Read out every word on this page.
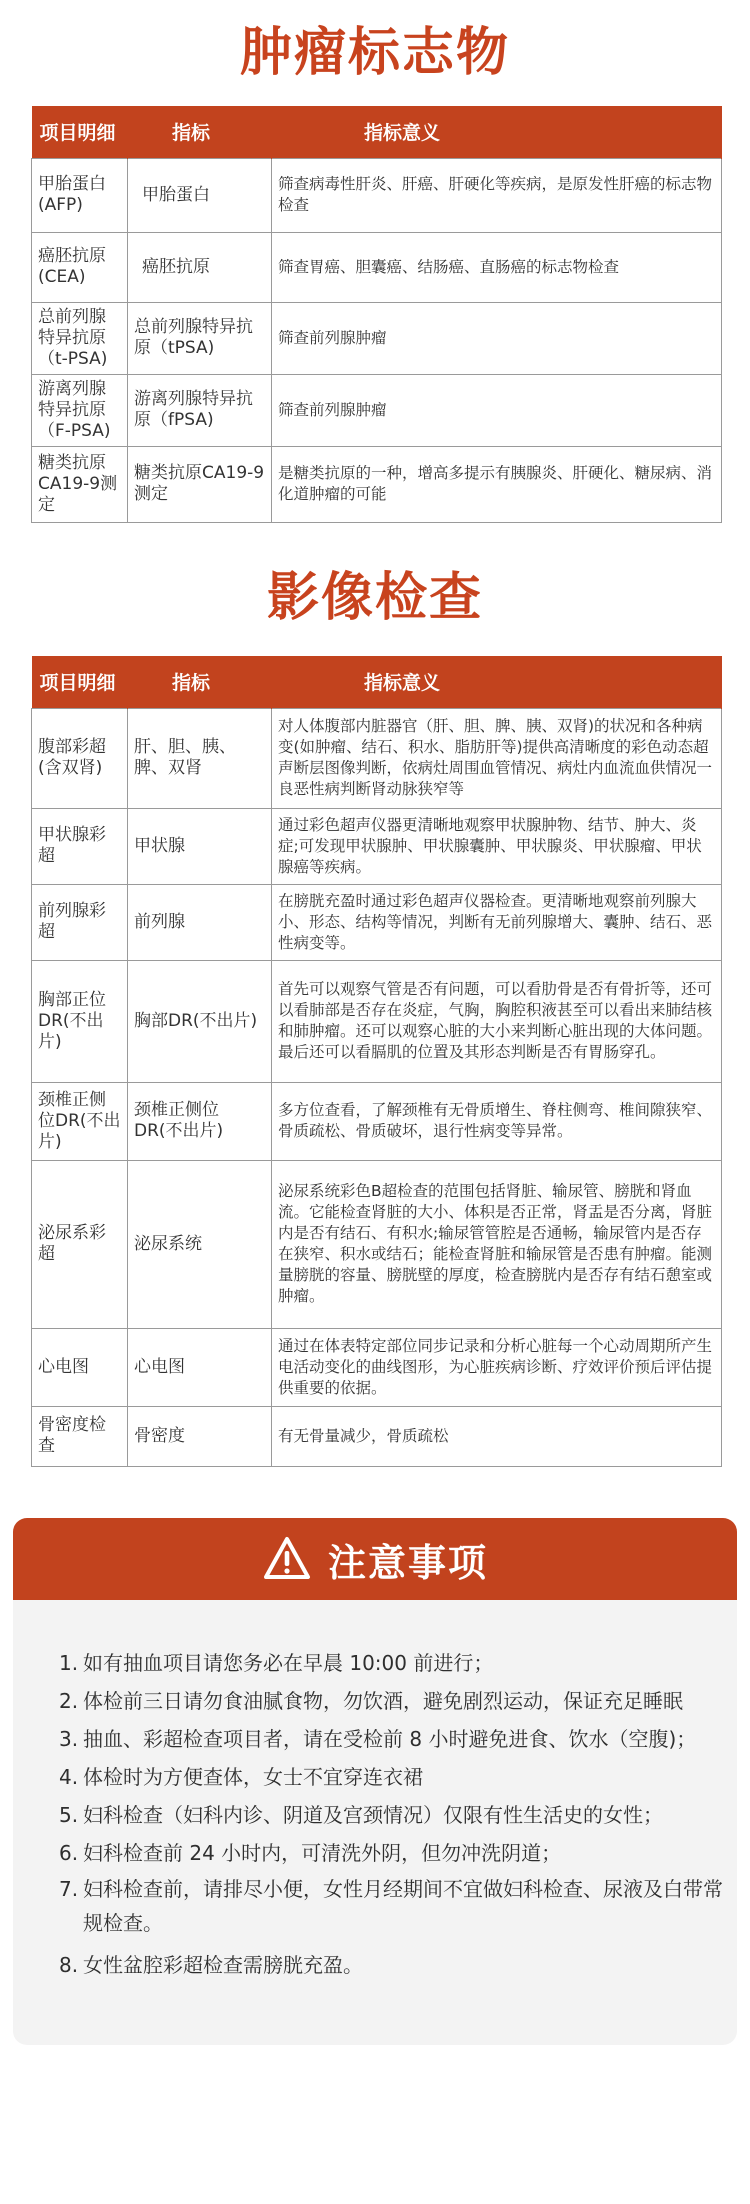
肿瘤标志物
项目明细	指标	指标意义
甲胎蛋白(AFP)	甲胎蛋白	筛查病毒性肝炎、肝癌、肝硬化等疾病，是原发性肝癌的标志物检查
癌胚抗原(CEA)	癌胚抗原	筛查胃癌、胆囊癌、结肠癌、直肠癌的标志物检查
总前列腺特异抗原（t-PSA)	总前列腺特异抗原（tPSA)	筛查前列腺肿瘤
游离列腺特异抗原（F-PSA)	游离列腺特异抗原（fPSA)	筛查前列腺肿瘤
糖类抗原CA19-9测定	糖类抗原CA19-9测定	是糖类抗原的一种，增高多提示有胰腺炎、肝硬化、糖尿病、消化道肿瘤的可能
影像检查
项目明细	指标	指标意义
腹部彩超(含双肾)	肝、胆、胰、脾、双肾	对人体腹部内脏器官（肝、胆、脾、胰、双肾)的状况和各种病变(如肿瘤、结石、积水、脂肪肝等)提供高清晰度的彩色动态超声断层图像判断，依病灶周围血管情况、病灶内血流血供情况一良恶性病判断肾动脉狭窄等
甲状腺彩超	甲状腺	通过彩色超声仪器更清晰地观察甲状腺肿物、结节、肿大、炎症;可发现甲状腺肿、甲状腺囊肿、甲状腺炎、甲状腺瘤、甲状腺癌等疾病。
前列腺彩超	前列腺	在膀胱充盈时通过彩色超声仪器检查。更清晰地观察前列腺大小、形态、结构等情况，判断有无前列腺增大、囊肿、结石、恶性病变等。
胸部正位DR(不出片)	胸部DR(不出片)	首先可以观察气管是否有问题，可以看肋骨是否有骨折等，还可以看肺部是否存在炎症，气胸，胸腔积液甚至可以看出来肺结核和肺肿瘤。还可以观察心脏的大小来判断心脏出现的大体问题。最后还可以看膈肌的位置及其形态判断是否有胃肠穿孔。
颈椎正侧位DR(不出片)	颈椎正侧位DR(不出片)	多方位查看，了解颈椎有无骨质增生、脊柱侧弯、椎间隙狭窄、骨质疏松、骨质破坏，退行性病变等异常。
泌尿系彩超	泌尿系统	泌尿系统彩色B超检查的范围包括肾脏、输尿管、膀胱和肾血流。它能检查肾脏的大小、体积是否正常，肾盂是否分离，肾脏内是否有结石、有积水;输尿管管腔是否通畅，输尿管内是否存在狭窄、积水或结石；能检查肾脏和输尿管是否患有肿瘤。能测量膀胱的容量、膀胱壁的厚度，检查膀胱内是否存有结石憩室或肿瘤。
心电图	心电图	通过在体表特定部位同步记录和分析心脏每一个心动周期所产生电活动变化的曲线图形，为心脏疾病诊断、疗效评价预后评估提供重要的依据。
骨密度检查	骨密度	有无骨量减少，骨质疏松
注意事项
1. 如有抽血项目请您务必在早晨 10:00 前进行；
2. 体检前三日请勿食油腻食物，勿饮酒，避免剧烈运动，保证充足睡眠
3. 抽血、彩超检查项目者，请在受检前 8 小时避免进食、饮水（空腹)；
4. 体检时为方便查体，女士不宜穿连衣裙
5. 妇科检查（妇科内诊、阴道及宫颈情况）仅限有性生活史的女性；
6. 妇科检查前 24 小时内，可清洗外阴，但勿冲洗阴道；
7. 妇科检查前，请排尽小便，女性月经期间不宜做妇科检查、尿液及白带常规检查。
8. 女性盆腔彩超检查需膀胱充盈。
